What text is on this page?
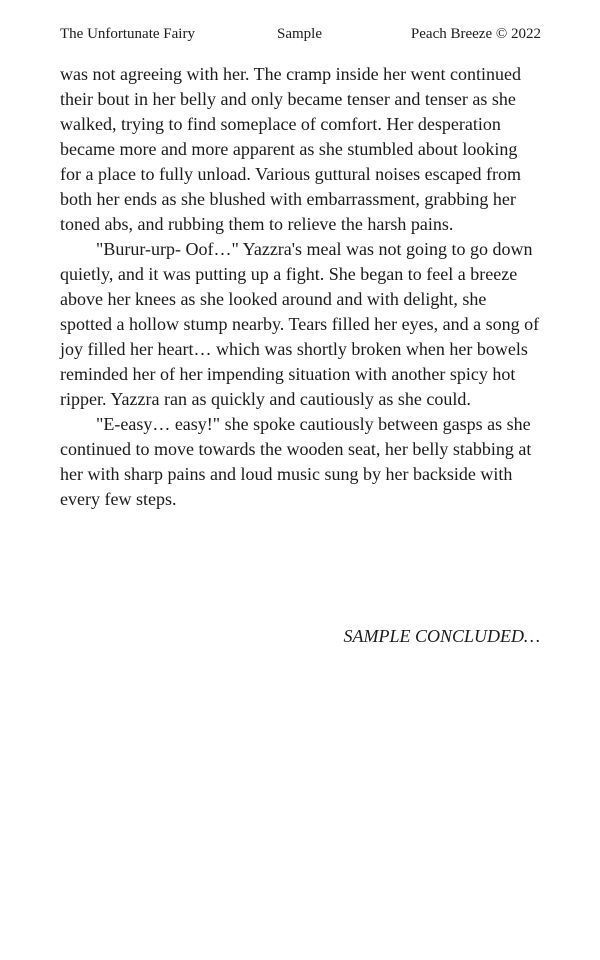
The Unfortunate Fairy	Sample	Peach Breeze © 2022

was not agreeing with her. The cramp inside her went continued their bout in her belly and only became tenser and tenser as she walked, trying to find someplace of comfort. Her desperation became more and more apparent as she stumbled about looking for a place to fully unload. Various guttural noises escaped from both her ends as she blushed with embarrassment, grabbing her toned abs, and rubbing them to relieve the harsh pains.

"Burur-urp- Oof…" Yazzra's meal was not going to go down quietly, and it was putting up a fight. She began to feel a breeze above her knees as she looked around and with delight, she spotted a hollow stump nearby. Tears filled her eyes, and a song of joy filled her heart… which was shortly broken when her bowels reminded her of her impending situation with another spicy hot ripper. Yazzra ran as quickly and cautiously as she could.

"E-easy… easy!" she spoke cautiously between gasps as she continued to move towards the wooden seat, her belly stabbing at her with sharp pains and loud music sung by her backside with every few steps.

SAMPLE CONCLUDED…
